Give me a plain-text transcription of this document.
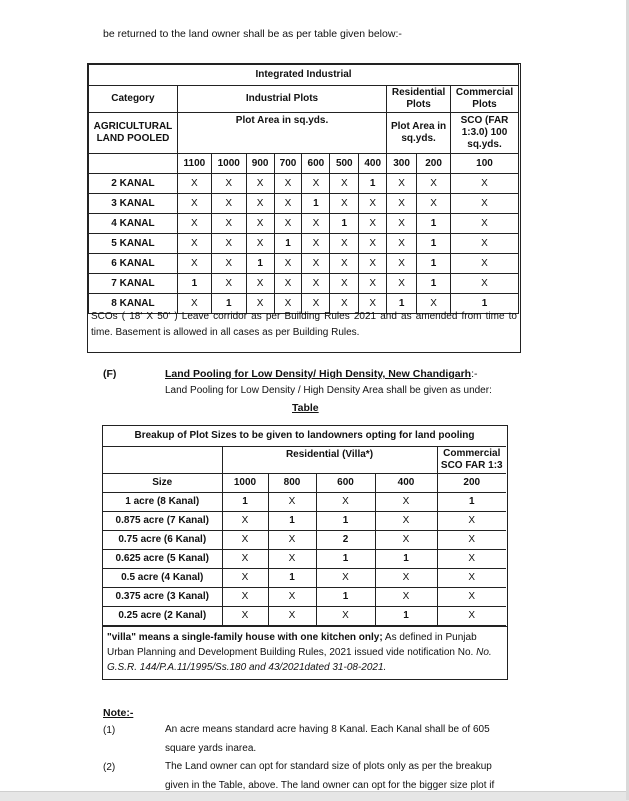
be returned to the land owner shall be as per table given below:-
Integrated Industrial										
Category	Industrial Plots							Residential Plots		Commercial Plots
AGRICULTURAL LAND POOLED	Plot Area in sq.yds.							Plot Area in sq.yds.		SCO (FAR 1:3.0) 100 sq.yds.
	1100	1000	900	700	600	500	400	300	200	100
2 KANAL	X	X	X	X	X	X	1	X	X	X
3 KANAL	X	X	X	X	1	X	X	X	X	X
4 KANAL	X	X	X	X	X	1	X	X	1	X
5 KANAL	X	X	X	1	X	X	X	X	1	X
6 KANAL	X	X	1	X	X	X	X	X	1	X
7 KANAL	1	X	X	X	X	X	X	X	1	X
8 KANAL	X	1	X	X	X	X	X	1	X	1
SCOs ( 18' X 50' ) Leave corridor as per Building Rules 2021 and as amended from time to time. Basement is allowed in all cases as per Building Rules.
(F)	Land Pooling for Low Density/ High Density, New Chandigarh:-
Land Pooling for Low Density / High Density Area shall be given as under:
Table
Breakup of Plot Sizes to be given to landowners opting for land pooling					
	Residential (Villa*)				Commercial SCO FAR 1:3
Size	1000	800	600	400	200
1 acre (8 Kanal)	1	X	X	X	1
0.875 acre (7 Kanal)	X	1	1	X	X
0.75 acre (6 Kanal)	X	X	2	X	X
0.625 acre (5 Kanal)	X	X	1	1	X
0.5 acre (4 Kanal)	X	1	X	X	X
0.375 acre (3 Kanal)	X	X	1	X	X
0.25 acre (2 Kanal)	X	X	X	1	X
"villa" means a single-family house with one kitchen only; As defined in Punjab Urban Planning and Development Building Rules, 2021 issued vide notification No. No. G.S.R. 144/P.A.11/1995/Ss.180 and 43/2021dated 31-08-2021.
Note:-
(1)	An acre means standard acre having 8 Kanal. Each Kanal shall be of 605 square yards inarea.
(2)	The Land owner can opt for standard size of plots only as per the breakup given in the Table, above. The land owner can opt for the bigger size plot if
